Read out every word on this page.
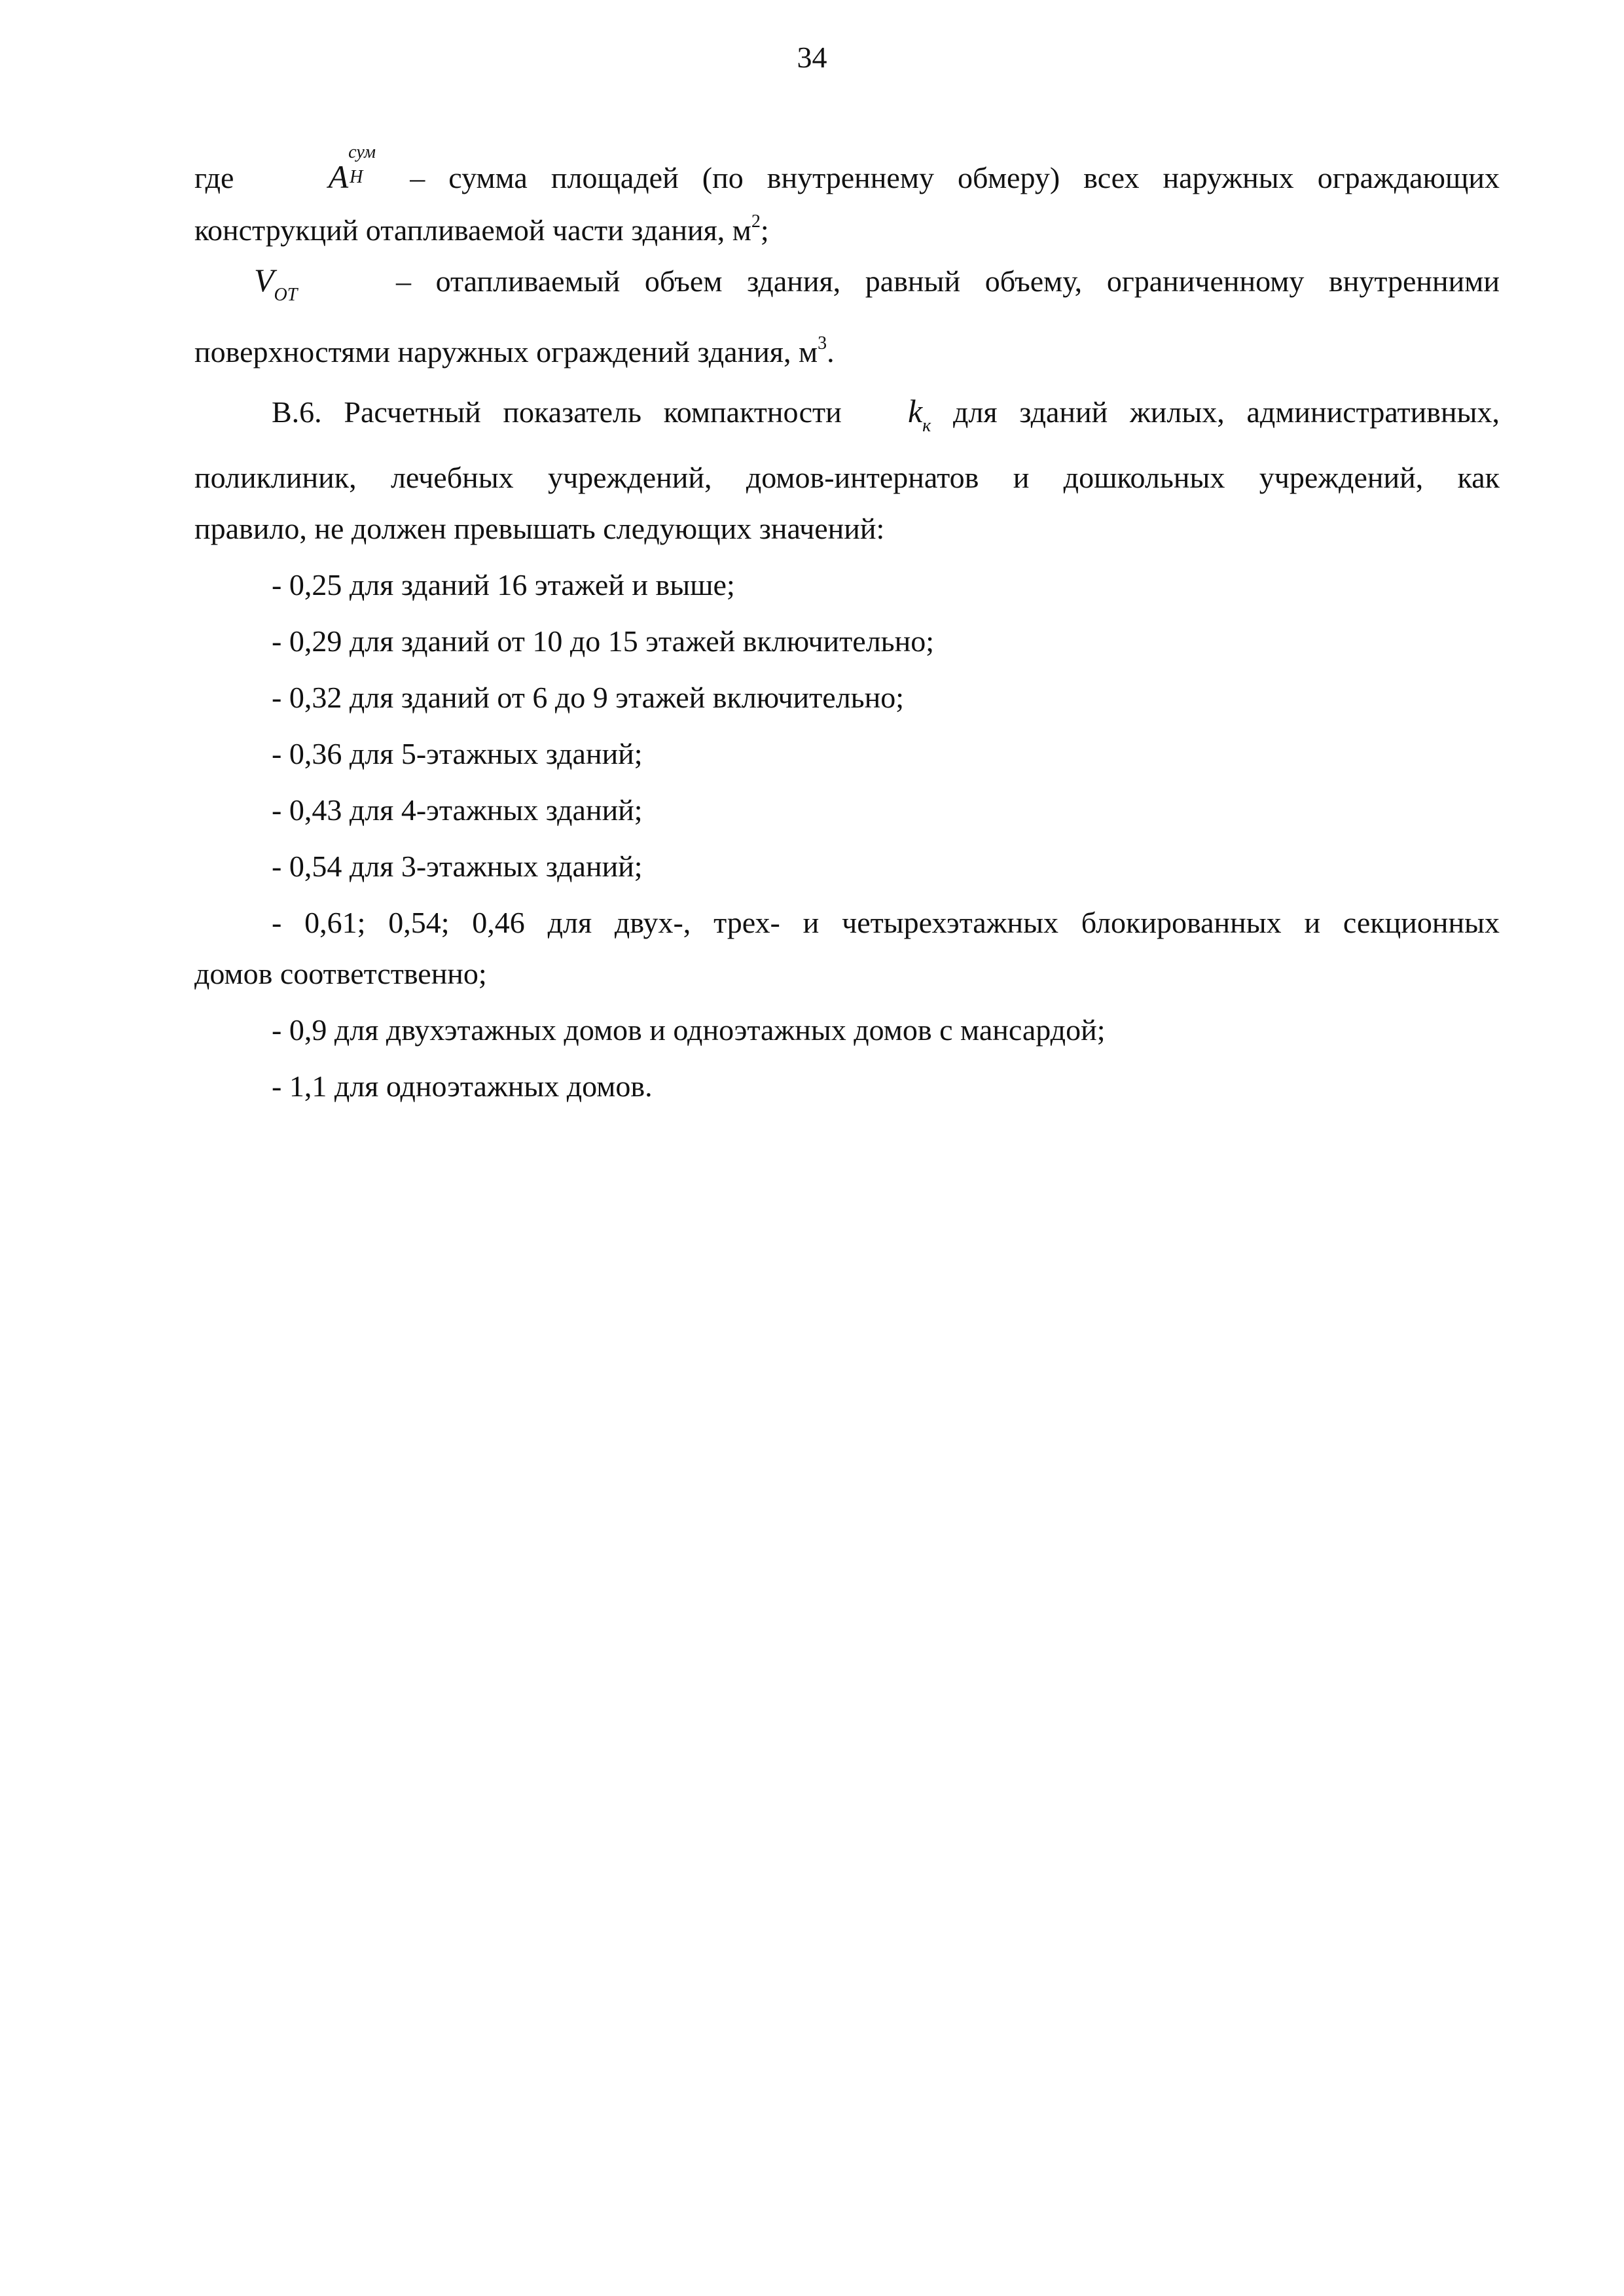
34
где	A
сум
Н – сумма площадей (по внутреннему обмеру) всех наружных ограждающих
конструкций отапливаемой части здания, $м^2$;
$V_{ОТ}$	– отапливаемый объем здания, равный объему, ограниченному внутренними
поверхностями наружных ограждений здания, $м^3$.
В.6. Расчетный показатель компактности $k_к$ для зданий жилых, административных,
поликлиник, лечебных учреждений, домов-интернатов и дошкольных учреждений, как
правило, не должен превышать следующих значений:
- 0,25 для зданий 16 этажей и выше;
- 0,29 для зданий от 10 до 15 этажей включительно;
- 0,32 для зданий от 6 до 9 этажей включительно;
- 0,36 для 5-этажных зданий;
- 0,43 для 4-этажных зданий;
- 0,54 для 3-этажных зданий;
- 0,61; 0,54; 0,46 для двух-, трех- и четырехэтажных блокированных и секционных
домов соответственно;
- 0,9 для двухэтажных домов и одноэтажных домов с мансардой;
- 1,1 для одноэтажных домов.
